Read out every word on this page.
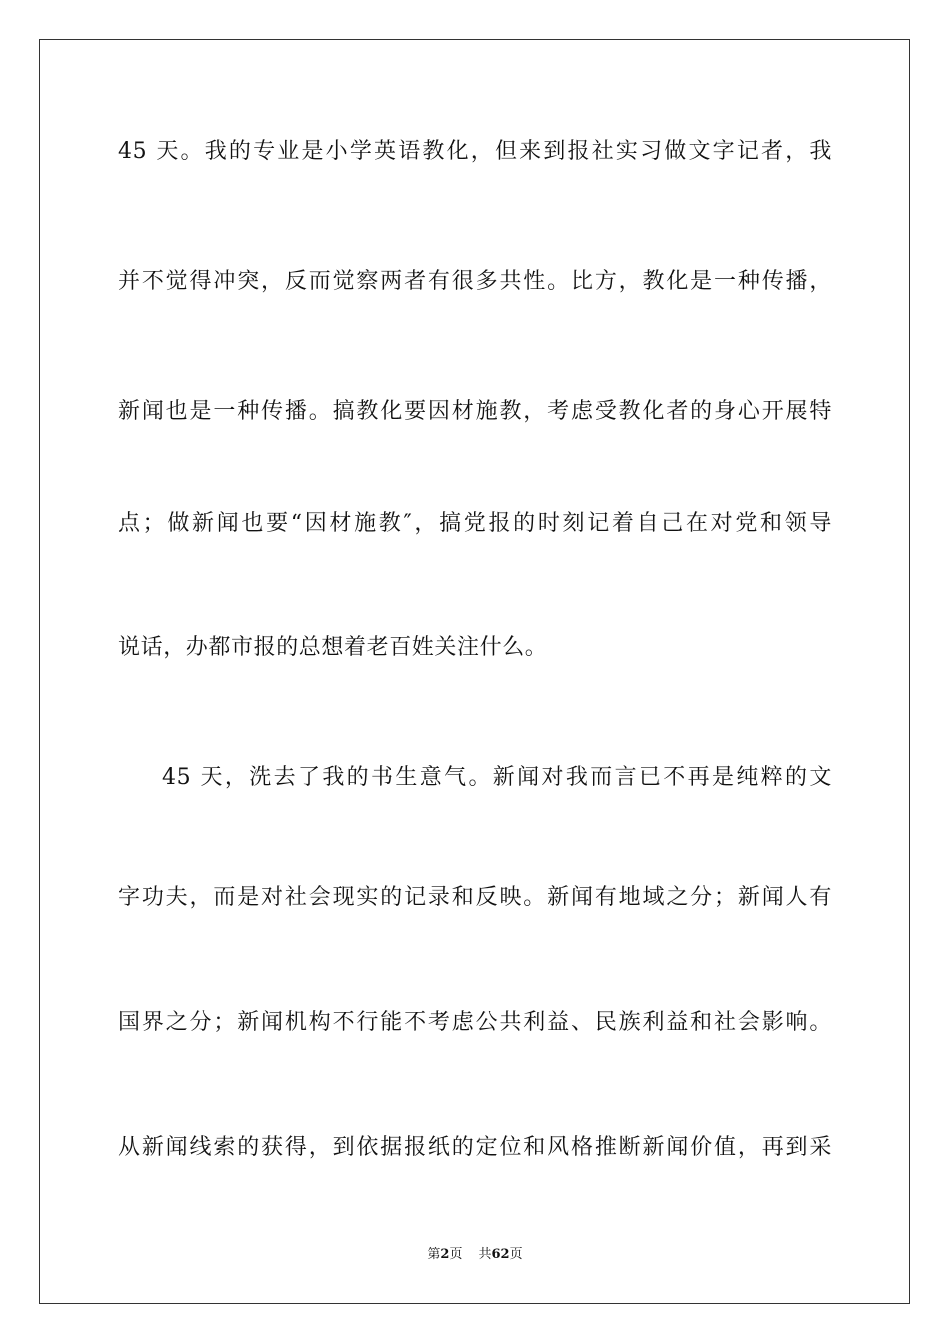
45 天。我的专业是小学英语教化，但来到报社实习做文字记者，我
并不觉得冲突，反而觉察两者有很多共性。比方，教化是一种传播，
新闻也是一种传播。搞教化要因材施教，考虑受教化者的身心开展特
点；做新闻也要“因材施教″，搞党报的时刻记着自己在对党和领导
说话，办都市报的总想着老百姓关注什么。
45 天，洗去了我的书生意气。新闻对我而言已不再是纯粹的文
字功夫，而是对社会现实的记录和反映。新闻有地域之分；新闻人有
国界之分；新闻机构不行能不考虑公共利益、民族利益和社会影响。
从新闻线索的获得，到依据报纸的定位和风格推断新闻价值，再到采
第2页 共62页
